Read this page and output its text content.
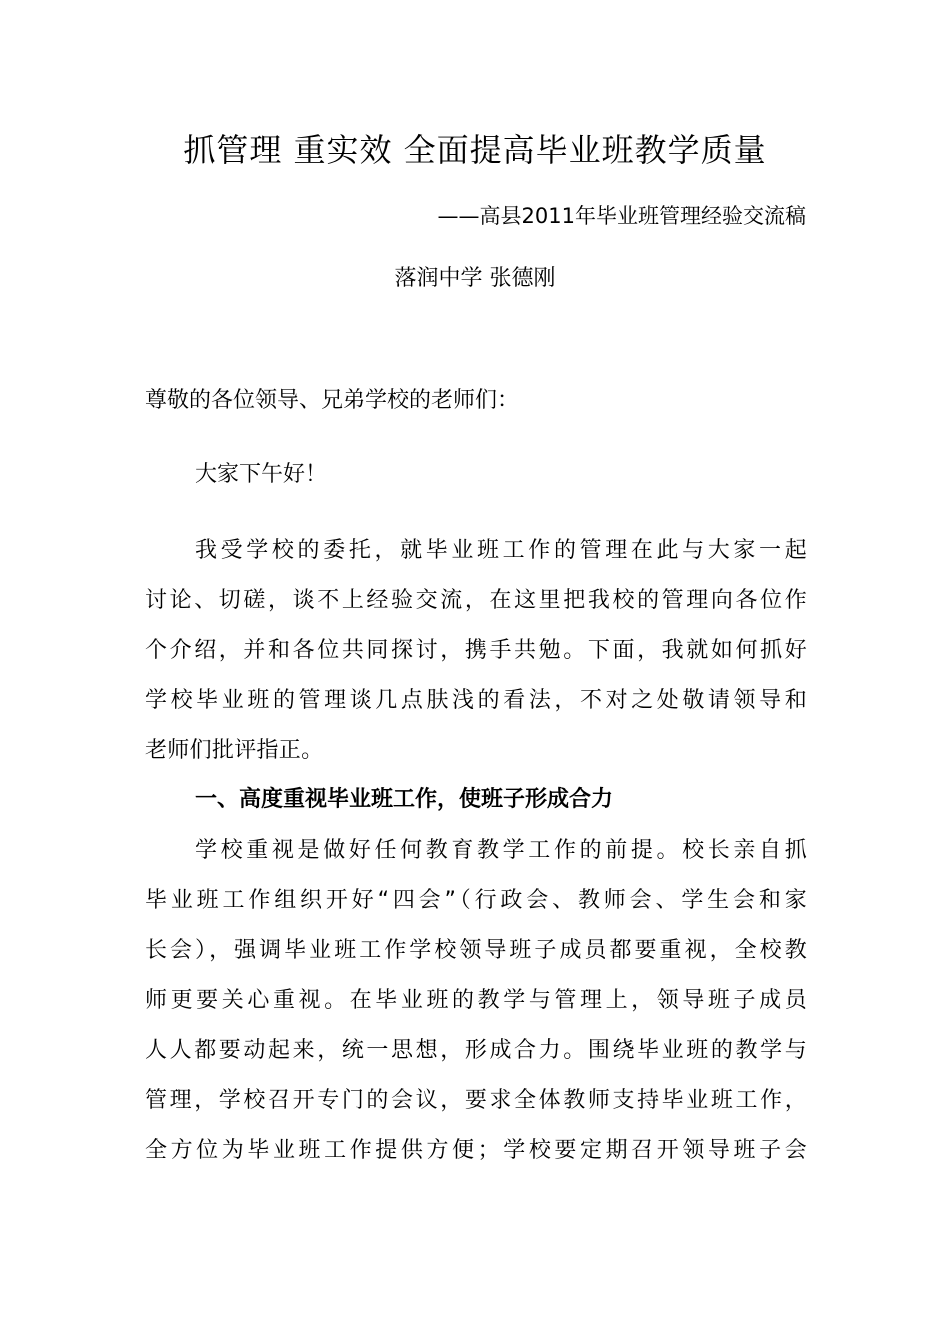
抓管理 重实效 全面提高毕业班教学质量
——高县2011年毕业班管理经验交流稿
落润中学 张德刚
尊敬的各位领导、兄弟学校的老师们：
大家下午好！
我受学校的委托，就毕业班工作的管理在此与大家一起
讨论、切磋，谈不上经验交流，在这里把我校的管理向各位作
个介绍，并和各位共同探讨，携手共勉。下面，我就如何抓好
学校毕业班的管理谈几点肤浅的看法，不对之处敬请领导和
老师们批评指正。
一、高度重视毕业班工作，使班子形成合力
学校重视是做好任何教育教学工作的前提。校长亲自抓
毕业班工作组织开好“四会”（行政会、教师会、学生会和家
长会），强调毕业班工作学校领导班子成员都要重视，全校教
师更要关心重视。在毕业班的教学与管理上，领导班子成员
人人都要动起来，统一思想，形成合力。围绕毕业班的教学与
管理，学校召开专门的会议，要求全体教师支持毕业班工作，
全方位为毕业班工作提供方便；学校要定期召开领导班子会
